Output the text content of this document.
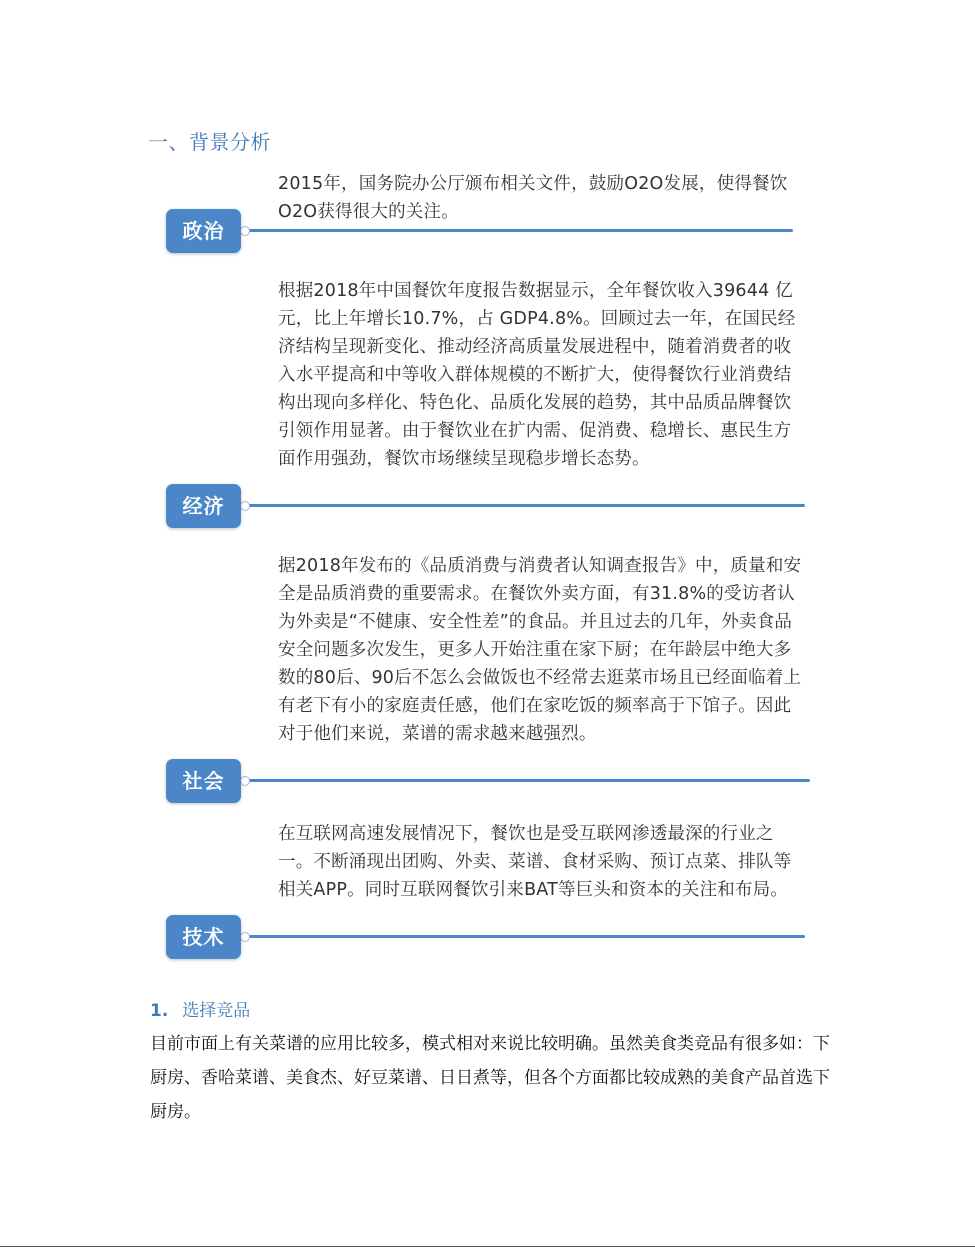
一、背景分析

2015年，国务院办公厅颁布相关文件，鼓励O2O发展，使得餐饮O2O获得很大的关注。

政治

根据2018年中国餐饮年度报告数据显示，全年餐饮收入39644 亿元，比上年增长10.7%，占 GDP4.8%。回顾过去一年，在国民经济结构呈现新变化、推动经济高质量发展进程中，随着消费者的收入水平提高和中等收入群体规模的不断扩大，使得餐饮行业消费结构出现向多样化、特色化、品质化发展的趋势，其中品质品牌餐饮引领作用显著。由于餐饮业在扩内需、促消费、稳增长、惠民生方面作用强劲，餐饮市场继续呈现稳步增长态势。

经济

据2018年发布的《品质消费与消费者认知调查报告》中，质量和安全是品质消费的重要需求。在餐饮外卖方面，有31.8%的受访者认为外卖是“不健康、安全性差”的食品。并且过去的几年，外卖食品安全问题多次发生，更多人开始注重在家下厨；在年龄层中绝大多数的80后、90后不怎么会做饭也不经常去逛菜市场且已经面临着上有老下有小的家庭责任感，他们在家吃饭的频率高于下馆子。因此对于他们来说，菜谱的需求越来越强烈。

社会

在互联网高速发展情况下，餐饮也是受互联网渗透最深的行业之一。不断涌现出团购、外卖、菜谱、食材采购、预订点菜、排队等相关APP。同时互联网餐饮引来BAT等巨头和资本的关注和布局。

技术
1. 选择竞品

目前市面上有关菜谱的应用比较多，模式相对来说比较明确。虽然美食类竞品有很多如：下厨房、香哈菜谱、美食杰、好豆菜谱、日日煮等，但各个方面都比较成熟的美食产品首选下厨房。
